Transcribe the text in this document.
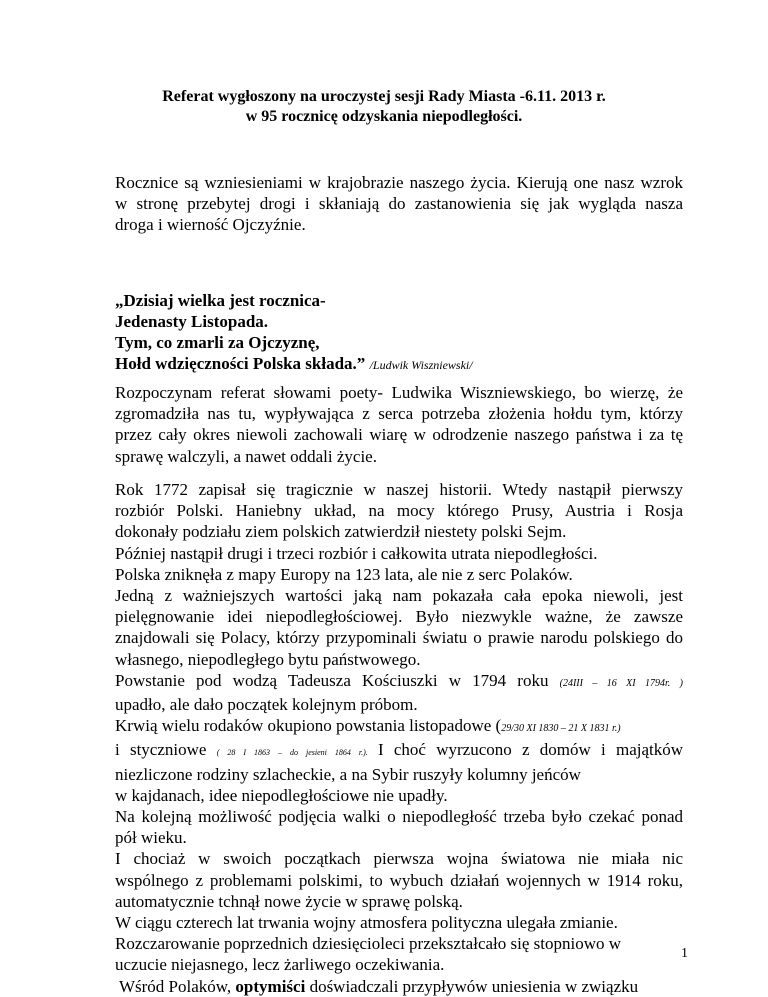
Referat wygłoszony na uroczystej sesji Rady Miasta -6.11. 2013 r.
w 95 rocznicę odzyskania niepodległości.
Rocznice są wzniesieniami w krajobrazie naszego życia. Kierują one nasz wzrok
w stronę przebytej drogi i skłaniają do zastanowienia się jak wygląda nasza
droga i wierność Ojczyźnie.
„Dzisiaj wielka jest rocznica-
Jedenasty Listopada.
Tym, co zmarli za Ojczyznę,
Hołd wdzięczności Polska składa.” /Ludwik Wiszniewski/
Rozpoczynam referat słowami poety- Ludwika Wiszniewskiego, bo wierzę, że
zgromadziła nas tu, wypływająca z serca potrzeba złożenia hołdu tym, którzy
przez cały okres niewoli zachowali wiarę w odrodzenie naszego państwa i za tę
sprawę walczyli, a nawet oddali życie.
Rok 1772 zapisał się tragicznie w naszej historii. Wtedy nastąpił pierwszy
rozbiór Polski. Haniebny układ, na mocy którego Prusy, Austria i Rosja
dokonały podziału ziem polskich zatwierdził niestety polski Sejm.
Później nastąpił drugi i trzeci rozbiór i całkowita utrata niepodległości.
Polska zniknęła z mapy Europy na 123 lata, ale nie z serc Polaków.
Jedną z ważniejszych wartości jaką nam pokazała cała epoka niewoli, jest
pielęgnowanie idei niepodległościowej. Było niezwykle ważne, że zawsze
znajdowali się Polacy, którzy przypominali światu o prawie narodu polskiego do
własnego, niepodległego bytu państwowego.
Powstanie pod wodzą Tadeusza Kościuszki w 1794 roku (24III – 16 XI 1794r. )
upadło, ale dało początek kolejnym próbom.
Krwią wielu rodaków okupiono powstania listopadowe (29/30 XI 1830 – 21 X 1831 r.)
i styczniowe ( 28 I 1863 – do jesieni 1864 r.). I choć wyrzucono z domów i majątków
niezliczone rodziny szlacheckie, a na Sybir ruszyły kolumny jeńców
w kajdanach, idee niepodległościowe nie upadły.
Na kolejną możliwość podjęcia walki o niepodległość trzeba było czekać ponad
pół wieku.
I chociaż w swoich początkach pierwsza wojna światowa nie miała nic
wspólnego z problemami polskimi, to wybuch działań wojennych w 1914 roku,
automatycznie tchnął nowe życie w sprawę polską.
W ciągu czterech lat trwania wojny atmosfera polityczna ulegała zmianie.
Rozczarowanie poprzednich dziesięcioleci przekształcało się stopniowo w
uczucie niejasnego, lecz żarliwego oczekiwania.
Wśród Polaków, optymiści doświadczali przypływów uniesienia w związku
1
